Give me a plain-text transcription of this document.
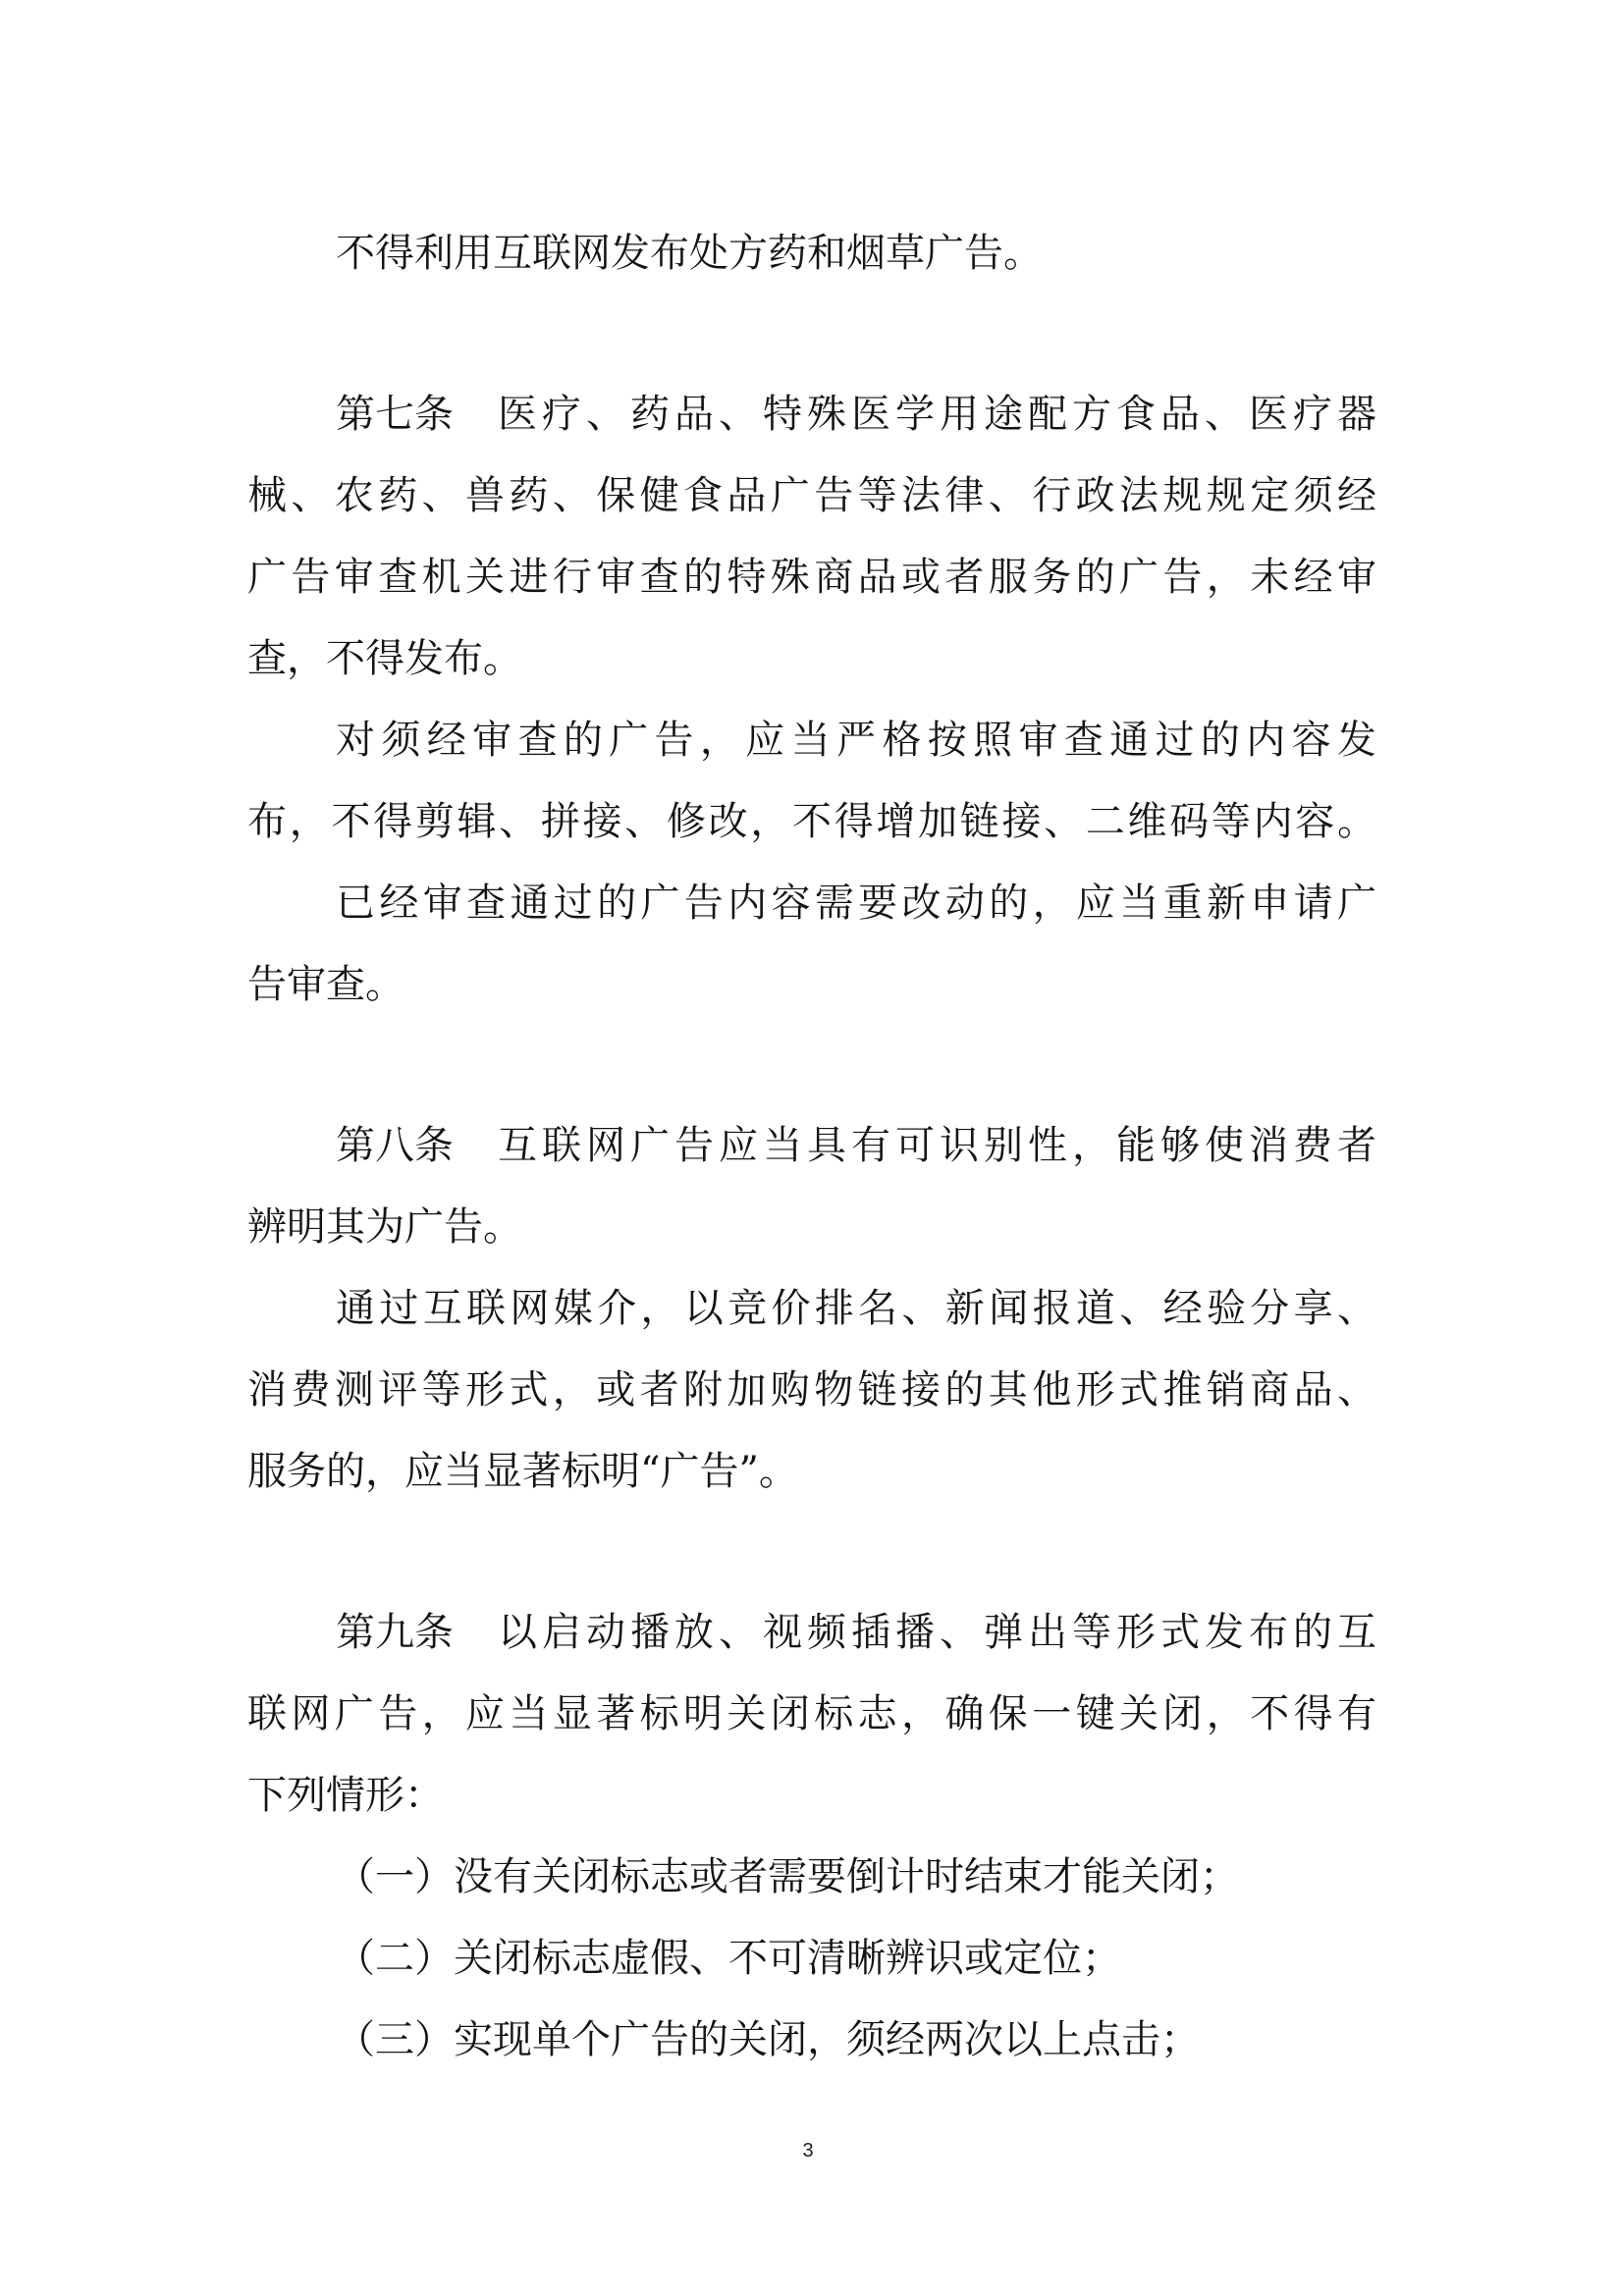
不得利用互联网发布处方药和烟草广告。
第七条 医疗、药品、特殊医学用途配方食品、医疗器
械、农药、兽药、保健食品广告等法律、行政法规规定须经
广告审查机关进行审查的特殊商品或者服务的广告，未经审
查，不得发布。
对须经审查的广告，应当严格按照审查通过的内容发
布，不得剪辑、拼接、修改，不得增加链接、二维码等内容。
已经审查通过的广告内容需要改动的，应当重新申请广
告审查。
第八条 互联网广告应当具有可识别性，能够使消费者
辨明其为广告。
通过互联网媒介，以竞价排名、新闻报道、经验分享、
消费测评等形式，或者附加购物链接的其他形式推销商品、
服务的，应当显著标明“广告”。
第九条 以启动播放、视频插播、弹出等形式发布的互
联网广告，应当显著标明关闭标志，确保一键关闭，不得有
下列情形：
（一）没有关闭标志或者需要倒计时结束才能关闭；
（二）关闭标志虚假、不可清晰辨识或定位；
（三）实现单个广告的关闭，须经两次以上点击；
3
